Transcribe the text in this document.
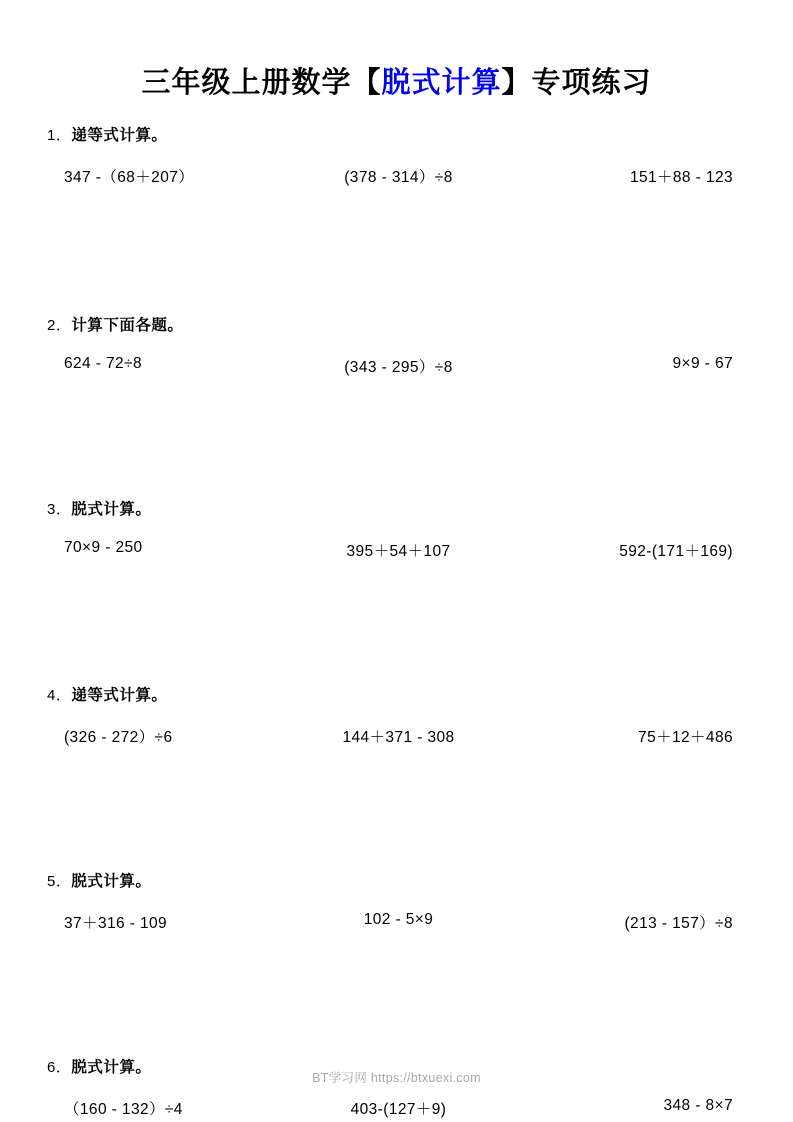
三年级上册数学【脱式计算】专项练习
1．递等式计算。
347 -（68＋207）	(378 - 314）÷8	151＋88 - 123
2．计算下面各题。
624 - 72÷8	(343 - 295）÷8	9×9 - 67
3．脱式计算。
70×9 - 250	395＋54＋107	592-(171＋169)
4．递等式计算。
(326 - 272）÷6	144＋371 - 308	75＋12＋486
5．脱式计算。
37＋316 - 109	102 - 5×9	(213 - 157）÷8
6．脱式计算。
（160 - 132）÷4	403-(127＋9)	348 - 8×7
BT学习网 https://btxuexi.com
